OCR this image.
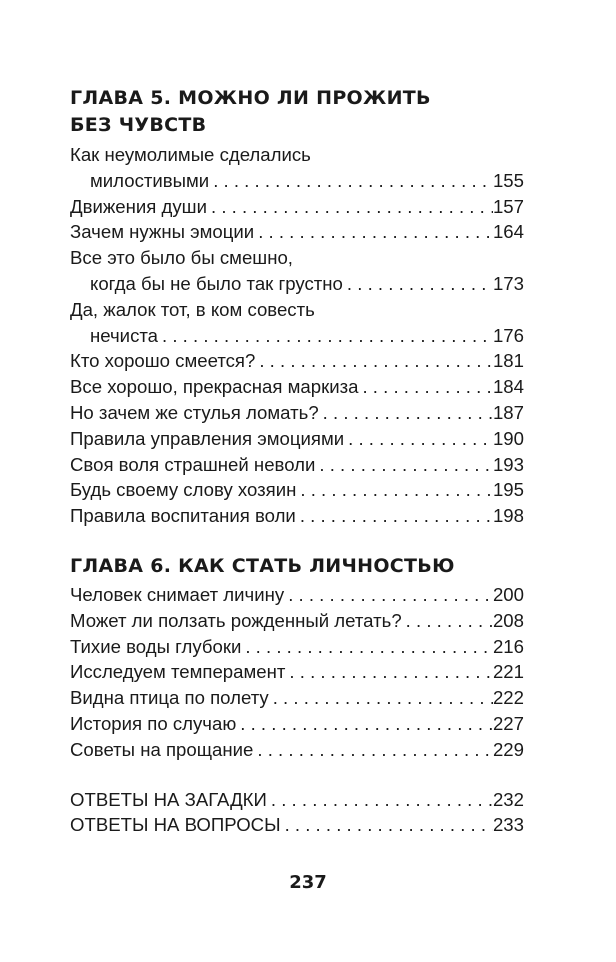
ГЛАВА 5. МОЖНО ЛИ ПРОЖИТЬ
БЕЗ ЧУВСТВ
Как неумолимые сделались
милостивыми . . .	155
Движения души . . .	157
Зачем нужны эмоции . . .	164
Все это было бы смешно,
когда бы не было так грустно . . .	173
Да, жалок тот, в ком совесть
нечиста . . .	176
Кто хорошо смеется? . . .	181
Все хорошо, прекрасная маркиза . . .	184
Но зачем же стулья ломать? . . .	187
Правила управления эмоциями . . .	190
Своя воля страшней неволи . . .	193
Будь своему слову хозяин . . .	195
Правила воспитания воли . . .	198
ГЛАВА 6. КАК СТАТЬ ЛИЧНОСТЬЮ
Человек снимает личину . . .	200
Может ли ползать рожденный летать? . . .	208
Тихие воды глубоки . . .	216
Исследуем темперамент . . .	221
Видна птица по полету . . .	222
История по случаю . . .	227
Советы на прощание . . .	229
ОТВЕТЫ НА ЗАГАДКИ . . .	232
ОТВЕТЫ НА ВОПРОСЫ . . .	233
237
